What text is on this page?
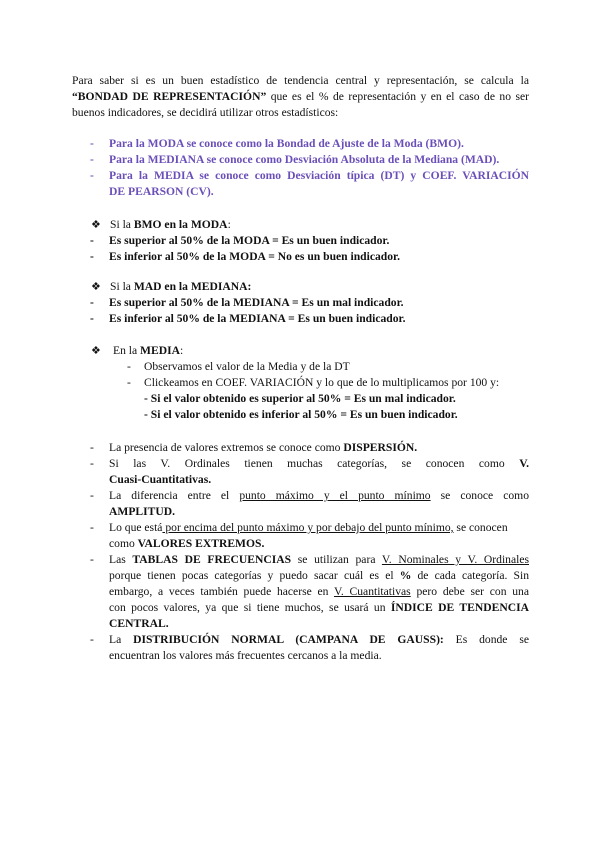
Para saber si es un buen estadístico de tendencia central y representación, se calcula la

“BONDAD DE REPRESENTACIÓN” que es el % de representación y en el caso de no ser

buenos indicadores, se decidirá utilizar otros estadísticos:

- Para la MODA se conoce como la Bondad de Ajuste de la Moda (BMO).

- Para la MEDIANA se conoce como Desviación Absoluta de la Mediana (MAD).

- Para la MEDIA se conoce como Desviación típica (DT) y COEF. VARIACIÓN

DE PEARSON (CV).

❖ Si la BMO en la MODA:

- Es superior al 50% de la MODA = Es un buen indicador.

- Es inferior al 50% de la MODA = No es un buen indicador.

❖ Si la MAD en la MEDIANA:

- Es superior al 50% de la MEDIANA = Es un mal indicador.

- Es inferior al 50% de la MEDIANA = Es un buen indicador.

❖ En la MEDIA:

- Observamos el valor de la Media y de la DT

- Clickeamos en COEF. VARIACIÓN y lo que de lo multiplicamos por 100 y:

- Si el valor obtenido es superior al 50% = Es un mal indicador.

- Si el valor obtenido es inferior al 50% = Es un buen indicador.

- La presencia de valores extremos se conoce como DISPERSIÓN.

- Si las V. Ordinales tienen muchas categorías, se conocen como V.

Cuasi-Cuantitativas.

- La diferencia entre el punto máximo y el punto mínimo se conoce como

AMPLITUD.

- Lo que está por encima del punto máximo y por debajo del punto mínimo, se conocen

como VALORES EXTREMOS.

- Las TABLAS DE FRECUENCIAS se utilizan para V. Nominales y V. Ordinales

porque tienen pocas categorías y puedo sacar cuál es el % de cada categoría. Sin

embargo, a veces también puede hacerse en V. Cuantitativas pero debe ser con una

con pocos valores, ya que si tiene muchos, se usará un ÍNDICE DE TENDENCIA

CENTRAL.

- La DISTRIBUCIÓN NORMAL (CAMPANA DE GAUSS): Es donde se

encuentran los valores más frecuentes cercanos a la media.
